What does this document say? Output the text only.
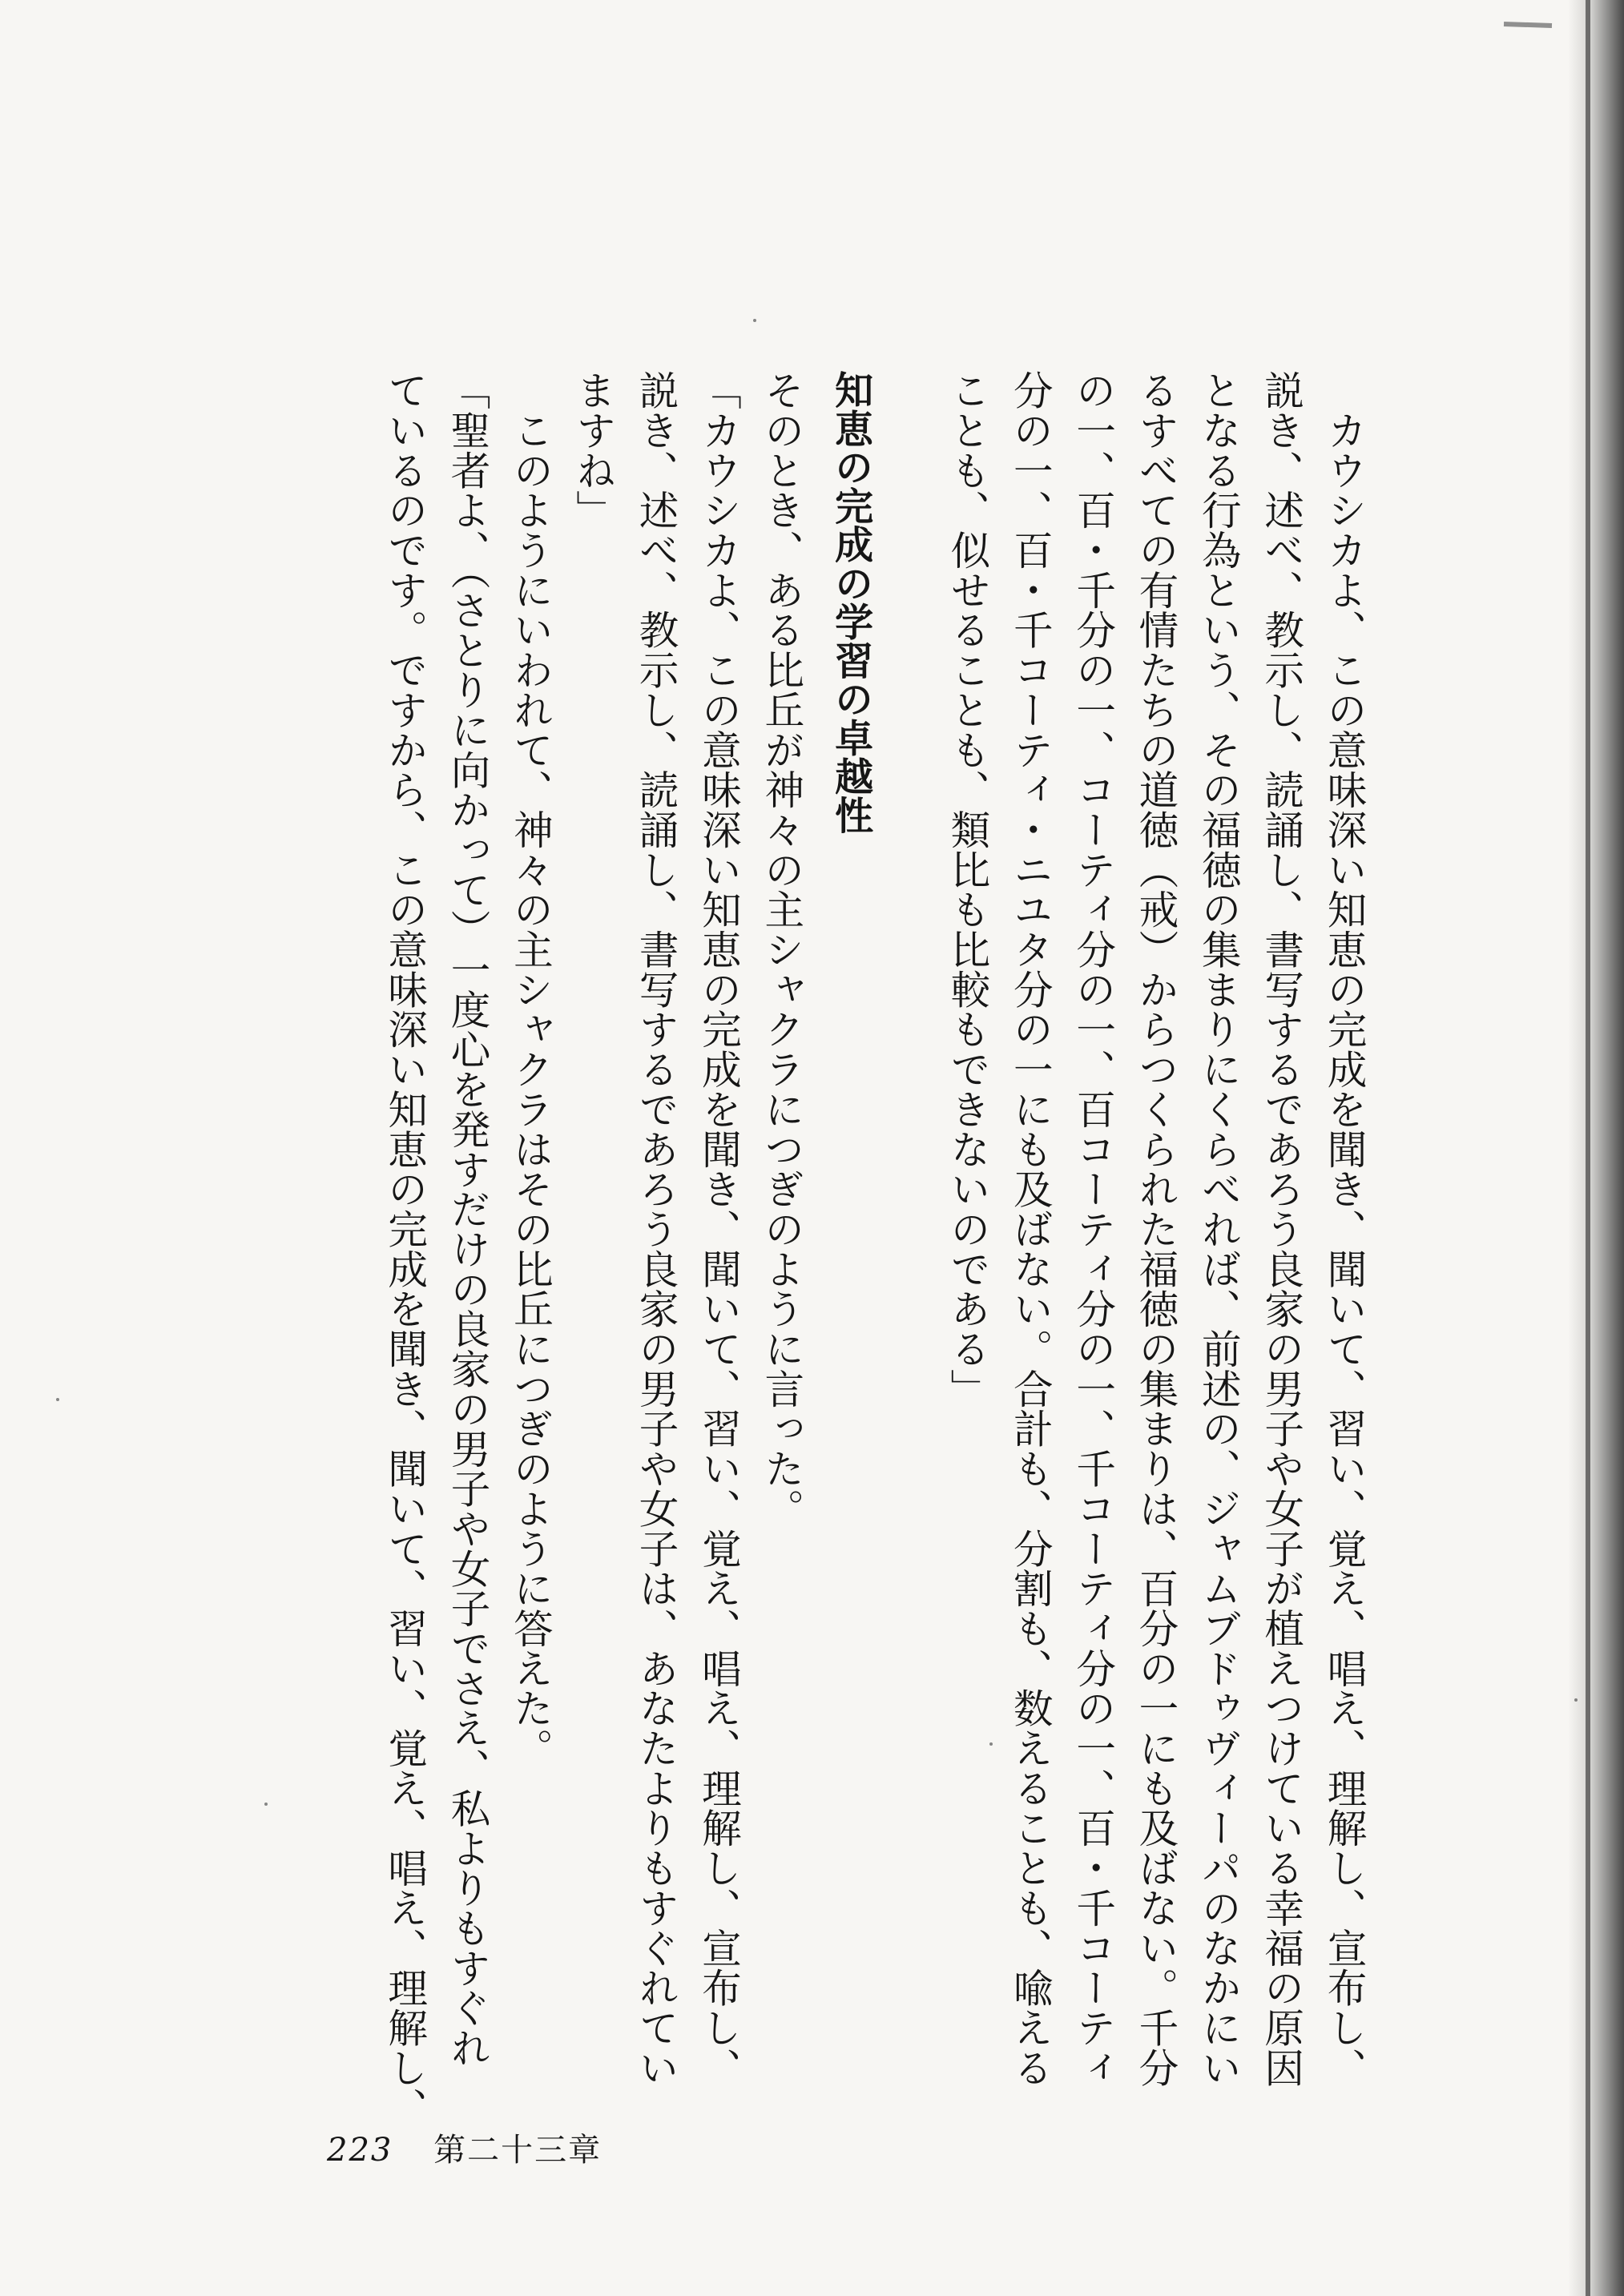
　カウシカよ、この意味深い知恵の完成を聞き、聞いて、習い、覚え、唱え、理解し、宣布し、

説き、述べ、教示し、読誦し、書写するであろう良家の男子や女子が植えつけている幸福の原因

となる行為という、その福徳の集まりにくらべれば、前述の、ジャムブドゥヴィーパのなかにい

るすべての有情たちの道徳（戒）からつくられた福徳の集まりは、百分の一にも及ばない。千分

の一、百・千分の一、コーティ分の一、百コーティ分の一、千コーティ分の一、百・千コーティ

分の一、百・千コーティ・ニユタ分の一にも及ばない。合計も、分割も、数えることも、喩える

ことも、似せることも、類比も比較もできないのである」

知恵の完成の学習の卓越性

そのとき、ある比丘が神々の主シャクラにつぎのように言った。

「カウシカよ、この意味深い知恵の完成を聞き、聞いて、習い、覚え、唱え、理解し、宣布し、

説き、述べ、教示し、読誦し、書写するであろう良家の男子や女子は、あなたよりもすぐれてい

ますね」

　このようにいわれて、神々の主シャクラはその比丘につぎのように答えた。

「聖者よ、（さとりに向かって）一度心を発すだけの良家の男子や女子でさえ、私よりもすぐれ

ているのです。ですから、この意味深い知恵の完成を聞き、聞いて、習い、覚え、唱え、理解し、

223 第二十三章
